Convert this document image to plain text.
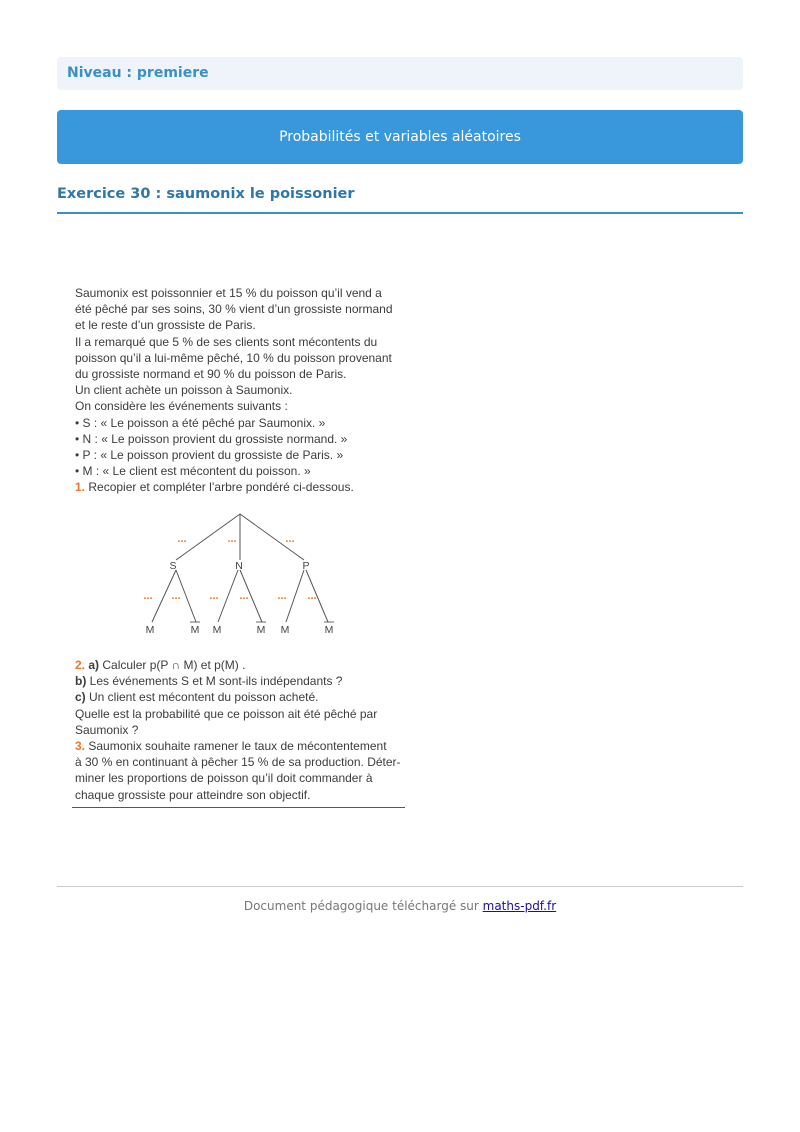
Niveau : premiere
Probabilités et variables aléatoires
Exercice 30 : saumonix le poissonier
Saumonix est poissonnier et 15 % du poisson qu’il vend a
été pêché par ses soins, 30 % vient d’un grossiste normand
et le reste d’un grossiste de Paris.
Il a remarqué que 5 % de ses clients sont mécontents du
poisson qu’il a lui-même pêché, 10 % du poisson provenant
du grossiste normand et 90 % du poisson de Paris.
Un client achète un poisson à Saumonix.
On considère les événements suivants :
• S : « Le poisson a été pêché par Saumonix. »
• N : « Le poisson provient du grossiste normand. »
• P : « Le poisson provient du grossiste de Paris. »
• M : « Le client est mécontent du poisson. »
1. Recopier et compléter l’arbre pondéré ci-dessous.
...	...	...
... ...	... ...	... ...
S	N	P
M	M M	M M	M
2. a) Calculer p(P ∩ M) et p(M) .
b) Les événements S et M sont-ils indépendants ?
c) Un client est mécontent du poisson acheté.
Quelle est la probabilité que ce poisson ait été pêché par
Saumonix ?
3. Saumonix souhaite ramener le taux de mécontentement
à 30 % en continuant à pêcher 15 % de sa production. Déter-
miner les proportions de poisson qu’il doit commander à
chaque grossiste pour atteindre son objectif.
Document pédagogique téléchargé sur maths-pdf.fr
